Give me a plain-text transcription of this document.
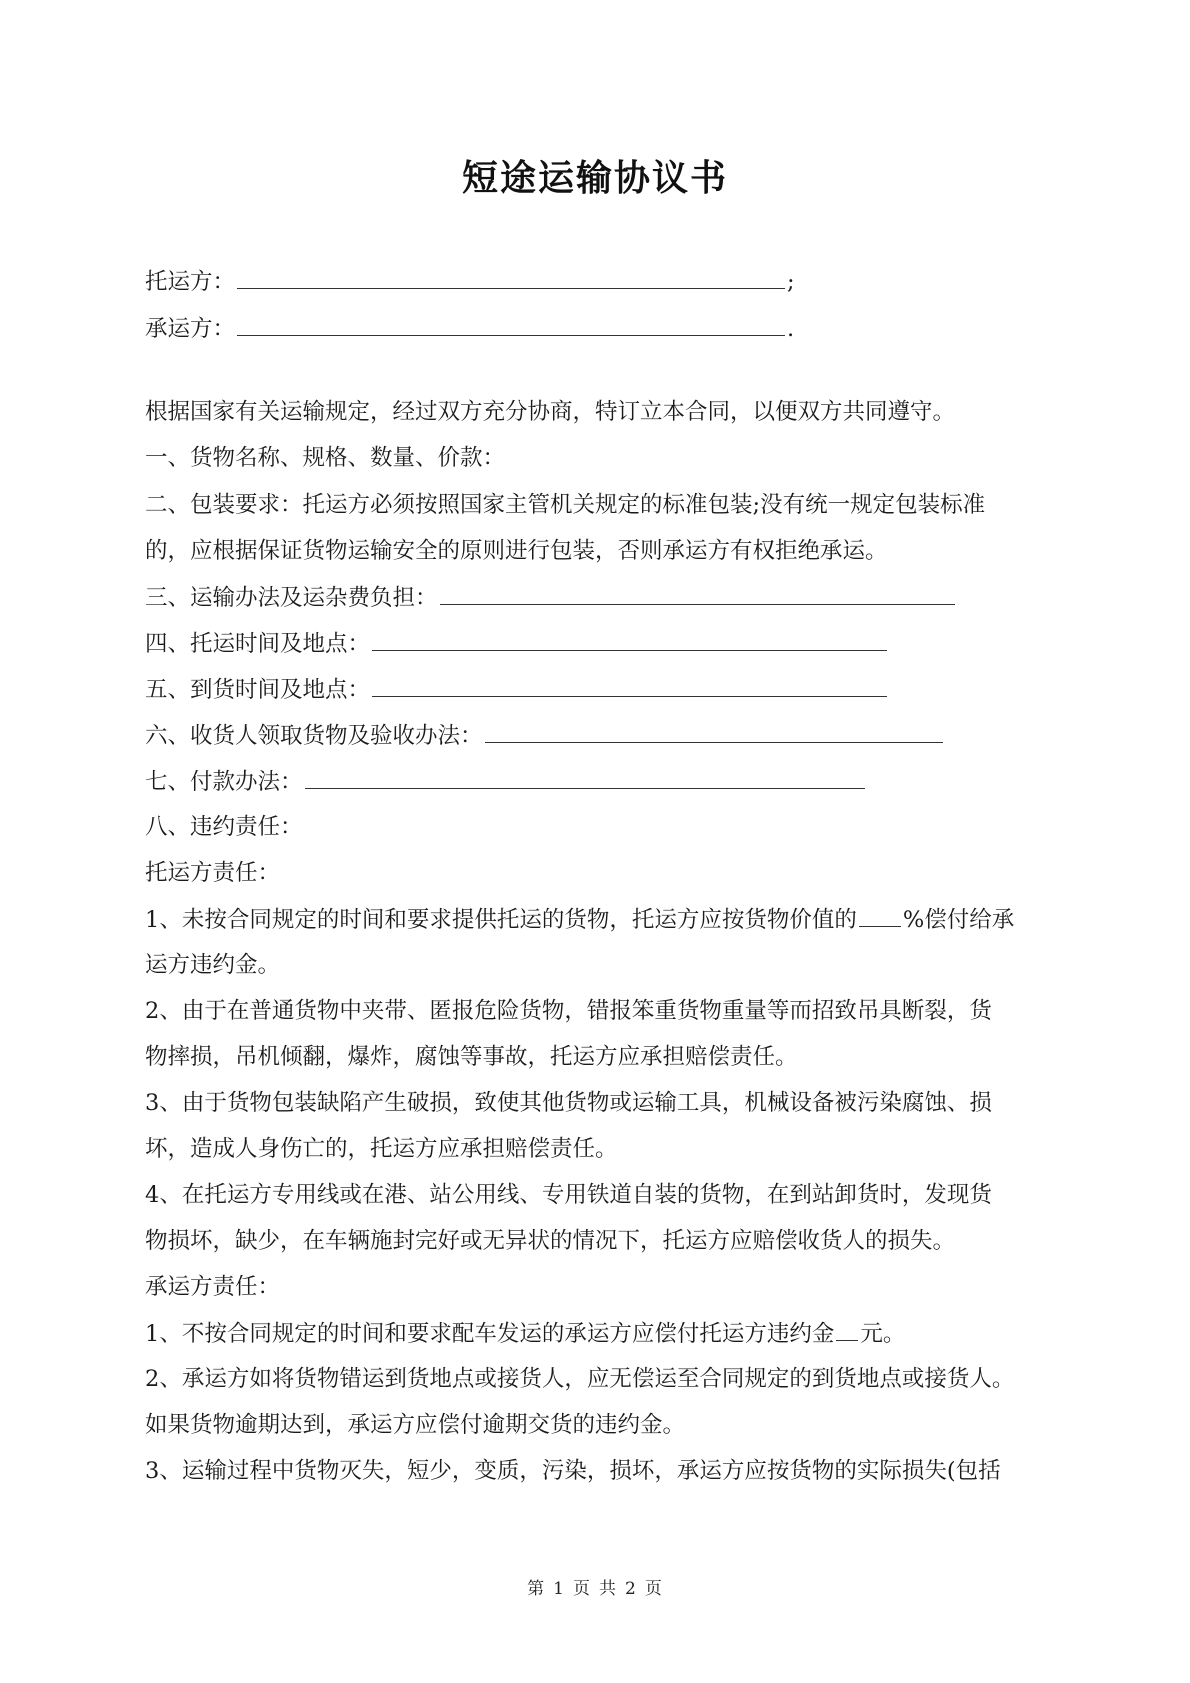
短途运输协议书
托运方：	;
承运方：	.
根据国家有关运输规定，经过双方充分协商，特订立本合同，以便双方共同遵守。
一、货物名称、规格、数量、价款：
二、包装要求：托运方必须按照国家主管机关规定的标准包装;没有统一规定包装标准
的，应根据保证货物运输安全的原则进行包装，否则承运方有权拒绝承运。
三、运输办法及运杂费负担：
四、托运时间及地点：
五、到货时间及地点：
六、收货人领取货物及验收办法：
七、付款办法：
八、违约责任：
托运方责任：
1、未按合同规定的时间和要求提供托运的货物，托运方应按货物价值的 %偿付给承
运方违约金。
2、由于在普通货物中夹带、匿报危险货物，错报笨重货物重量等而招致吊具断裂，货
物摔损，吊机倾翻，爆炸，腐蚀等事故，托运方应承担赔偿责任。
3、由于货物包装缺陷产生破损，致使其他货物或运输工具，机械设备被污染腐蚀、损
坏，造成人身伤亡的，托运方应承担赔偿责任。
4、在托运方专用线或在港、站公用线、专用铁道自装的货物，在到站卸货时，发现货
物损坏，缺少，在车辆施封完好或无异状的情况下，托运方应赔偿收货人的损失。
承运方责任：
1、不按合同规定的时间和要求配车发运的承运方应偿付托运方违约金 元。
2、承运方如将货物错运到货地点或接货人，应无偿运至合同规定的到货地点或接货人。
如果货物逾期达到，承运方应偿付逾期交货的违约金。
3、运输过程中货物灭失，短少，变质，污染，损坏，承运方应按货物的实际损失(包括
第 1 页 共 2 页
